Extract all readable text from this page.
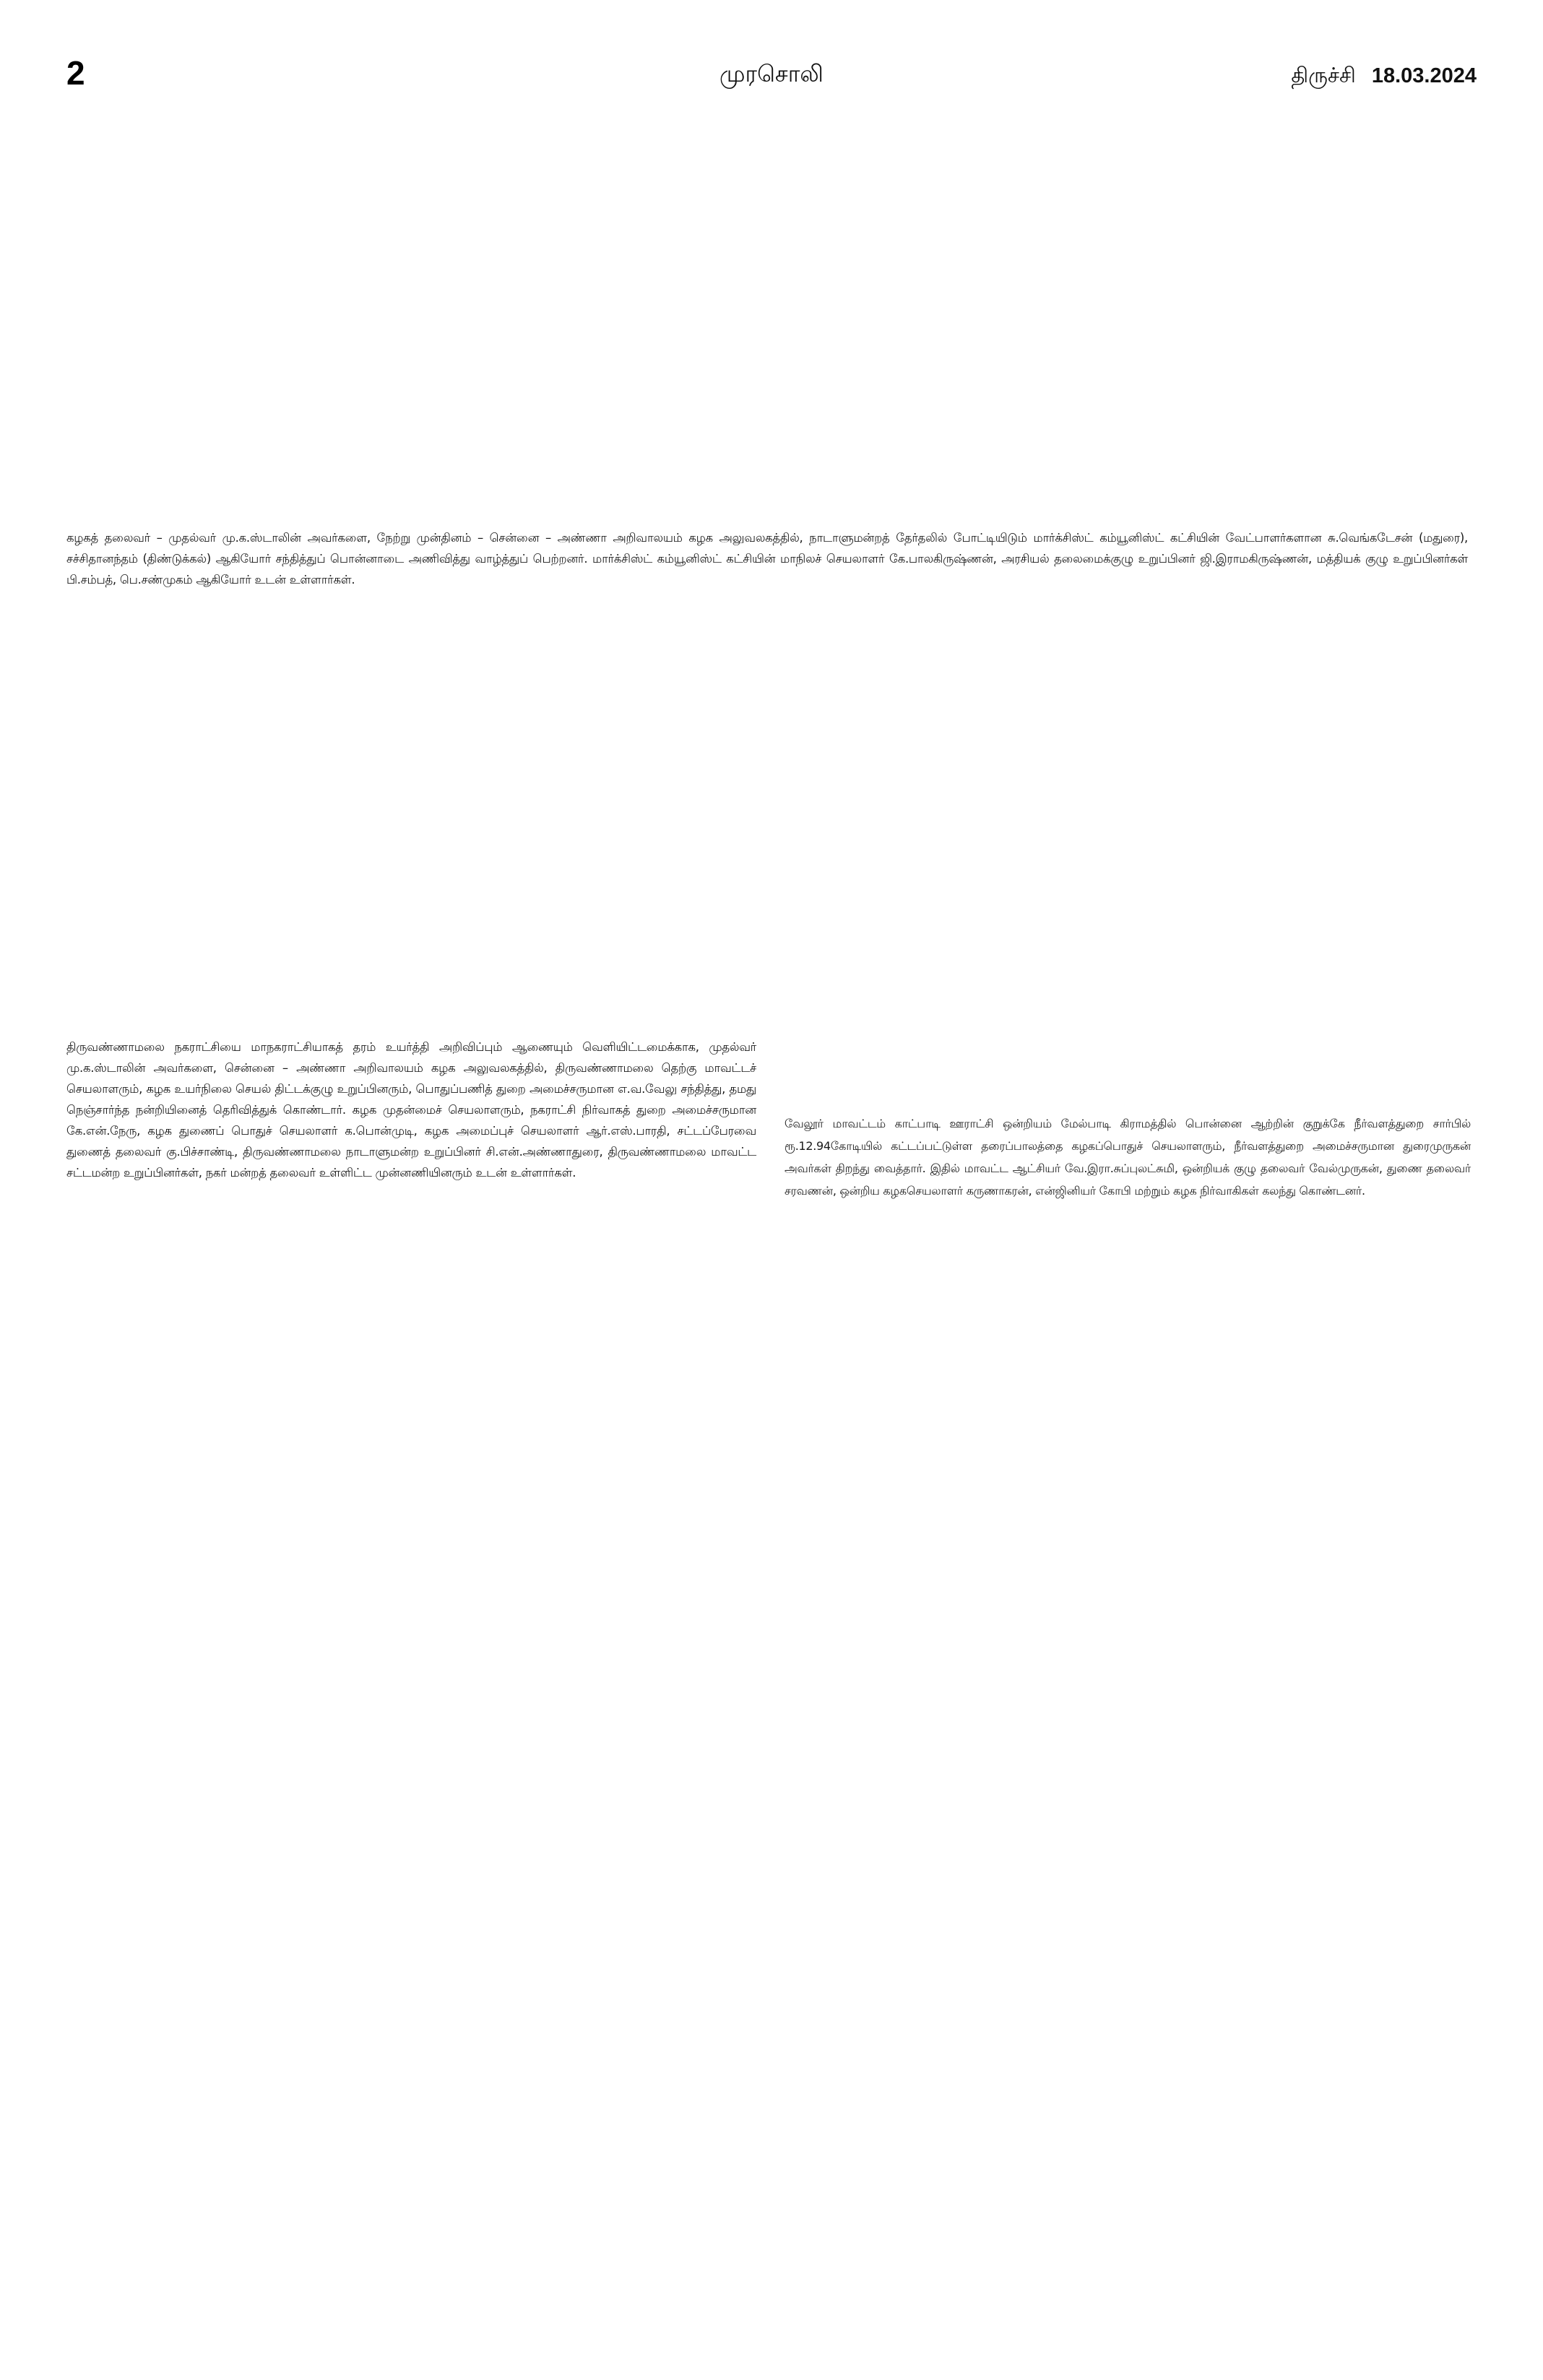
2	முரசொலி	திருச்சி 18.03.2024

கழகத் தலைவர் – முதல்வர் மு.க.ஸ்டாலின் அவர்களை, நேற்று முன்தினம் – சென்னை – அண்ணா அறிவாலயம் கழக அலுவலகத்தில், நாடாளுமன்றத் தேர்தலில் போட்டியிடும் மார்க்சிஸ்ட் கம்யூனிஸ்ட் கட்சியின் வேட்பாளர்களான சு.வெங்கடேசன் (மதுரை), சச்சிதானந்தம் (திண்டுக்கல்) ஆகியோர் சந்தித்துப் பொன்னாடை அணிவித்து வாழ்த்துப் பெற்றனர். மார்க்சிஸ்ட் கம்யூனிஸ்ட் கட்சியின் மாநிலச் செயலாளர் கே.பாலகிருஷ்ணன், அரசியல் தலைமைக்குழு உறுப்பினர் ஜி.இராமகிருஷ்ணன், மத்தியக் குழு உறுப்பினர்கள் பி.சம்பத், பெ.சண்முகம் ஆகியோர் உடன் உள்ளார்கள்.

திருவண்ணாமலை நகராட்சியை மாநகராட்சியாகத் தரம் உயர்த்தி அறிவிப்பும் ஆணையும் வெளியிட்டமைக்காக, முதல்வர் மு.க.ஸ்டாலின் அவர்களை, சென்னை – அண்ணா அறிவாலயம் கழக அலுவலகத்தில், திருவண்ணாமலை தெற்கு மாவட்டச் செயலாளரும், கழக உயர்நிலை செயல் திட்டக்குழு உறுப்பினரும், பொதுப்பணித் துறை அமைச்சருமான எ.வ.வேலு சந்தித்து, தமது நெஞ்சார்ந்த நன்றியினைத் தெரிவித்துக் கொண்டார். கழக முதன்மைச் செயலாளரும், நகராட்சி நிர்வாகத் துறை அமைச்சருமான கே.என்.நேரு, கழக துணைப் பொதுச் செயலாளர் க.பொன்முடி, கழக அமைப்புச் செயலாளர் ஆர்.எஸ்.பாரதி, சட்டப்பேரவை துணைத் தலைவர் கு.பிச்சாண்டி, திருவண்ணாமலை நாடாளுமன்ற உறுப்பினர் சி.என்.அண்ணாதுரை, திருவண்ணாமலை மாவட்ட சட்டமன்ற உறுப்பினர்கள், நகர் மன்றத் தலைவர் உள்ளிட்ட முன்னணியினரும் உடன் உள்ளார்கள்.

வேலூர் மாவட்டம் காட்பாடி ஊராட்சி ஒன்றியம் மேல்பாடி கிராமத்தில் பொன்னை ஆற்றின் குறுக்கே நீர்வளத்துறை சார்பில் ரூ.12.94கோடியில் கட்டப்பட்டுள்ள தரைப்பாலத்தை கழகப்பொதுச் செயலாளரும், நீர்வளத்துறை அமைச்சருமான துரைமுருகன் அவர்கள் திறந்து வைத்தார். இதில் மாவட்ட ஆட்சியர் வே.இரா.சுப்புலட்சுமி, ஒன்றியக் குழு தலைவர் வேல்முருகன், துணை தலைவர் சரவணன், ஒன்றிய கழகசெயலாளர் கருணாகரன், என்ஜினியர் கோபி மற்றும் கழக நிர்வாகிகள் கலந்து கொண்டனர்.
